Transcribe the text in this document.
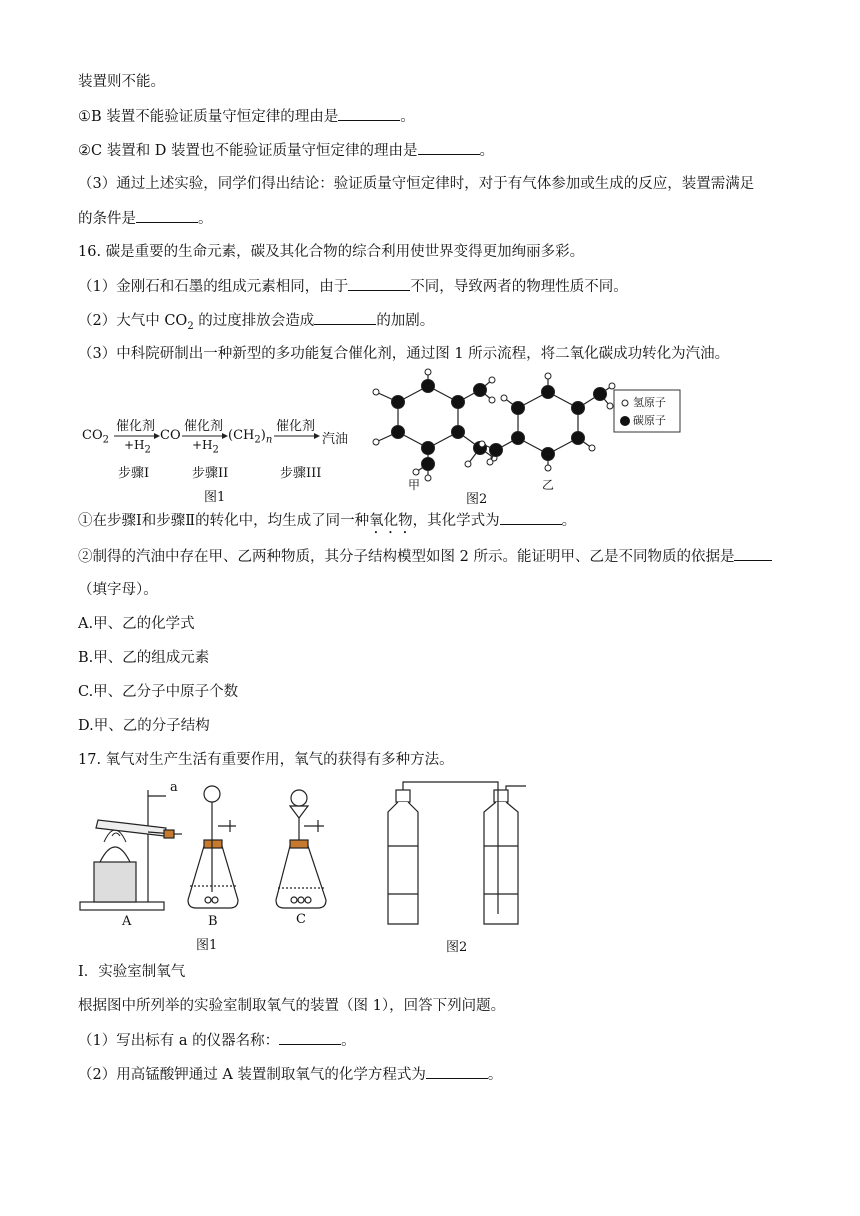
装置则不能。
①B 装置不能验证质量守恒定律的理由是	。
②C 装置和 D 装置也不能验证质量守恒定律的理由是	。
（3）通过上述实验，同学们得出结论：验证质量守恒定律时，对于有气体参加或生成的反应，装置需满足
的条件是	。
16. 碳是重要的生命元素，碳及其化合物的综合利用使世界变得更加绚丽多彩。
（1）金刚石和石墨的组成元素相同，由于	不同，导致两者的物理性质不同。
（2）大气中 $CO_2$ 的过度排放会造成	的加剧。
（3）中科院研制出一种新型的多功能复合催化剂，通过图 1 所示流程，将二氧化碳成功转化为汽油。
$CO_2$
催化剂
$+H_2$
CO
催化剂
$+H_2$
$(CH_2)_n$
催化剂
汽油
步骤I	步骤II	步骤III
图1
甲
图2
乙
氢原子
碳原子
①在步骤Ⅰ和步骤Ⅱ的转化中，均生成了同一种氧化物，其化学式为	。
②制得的汽油中存在甲、乙两种物质，其分子结构模型如图 2 所示。能证明甲、乙是不同物质的依据是
（填字母）。
A.甲、乙的化学式
B.甲、乙的组成元素
C.甲、乙分子中原子个数
D.甲、乙的分子结构
17. 氧气对生产生活有重要作用，氧气的获得有多种方法。
a
A	B	C
图1	图2
Ⅰ．实验室制氧气
根据图中所列举的实验室制取氧气的装置（图 1），回答下列问题。
（1）写出标有 a 的仪器名称：	。
（2）用高锰酸钾通过 A 装置制取氧气的化学方程式为	。
